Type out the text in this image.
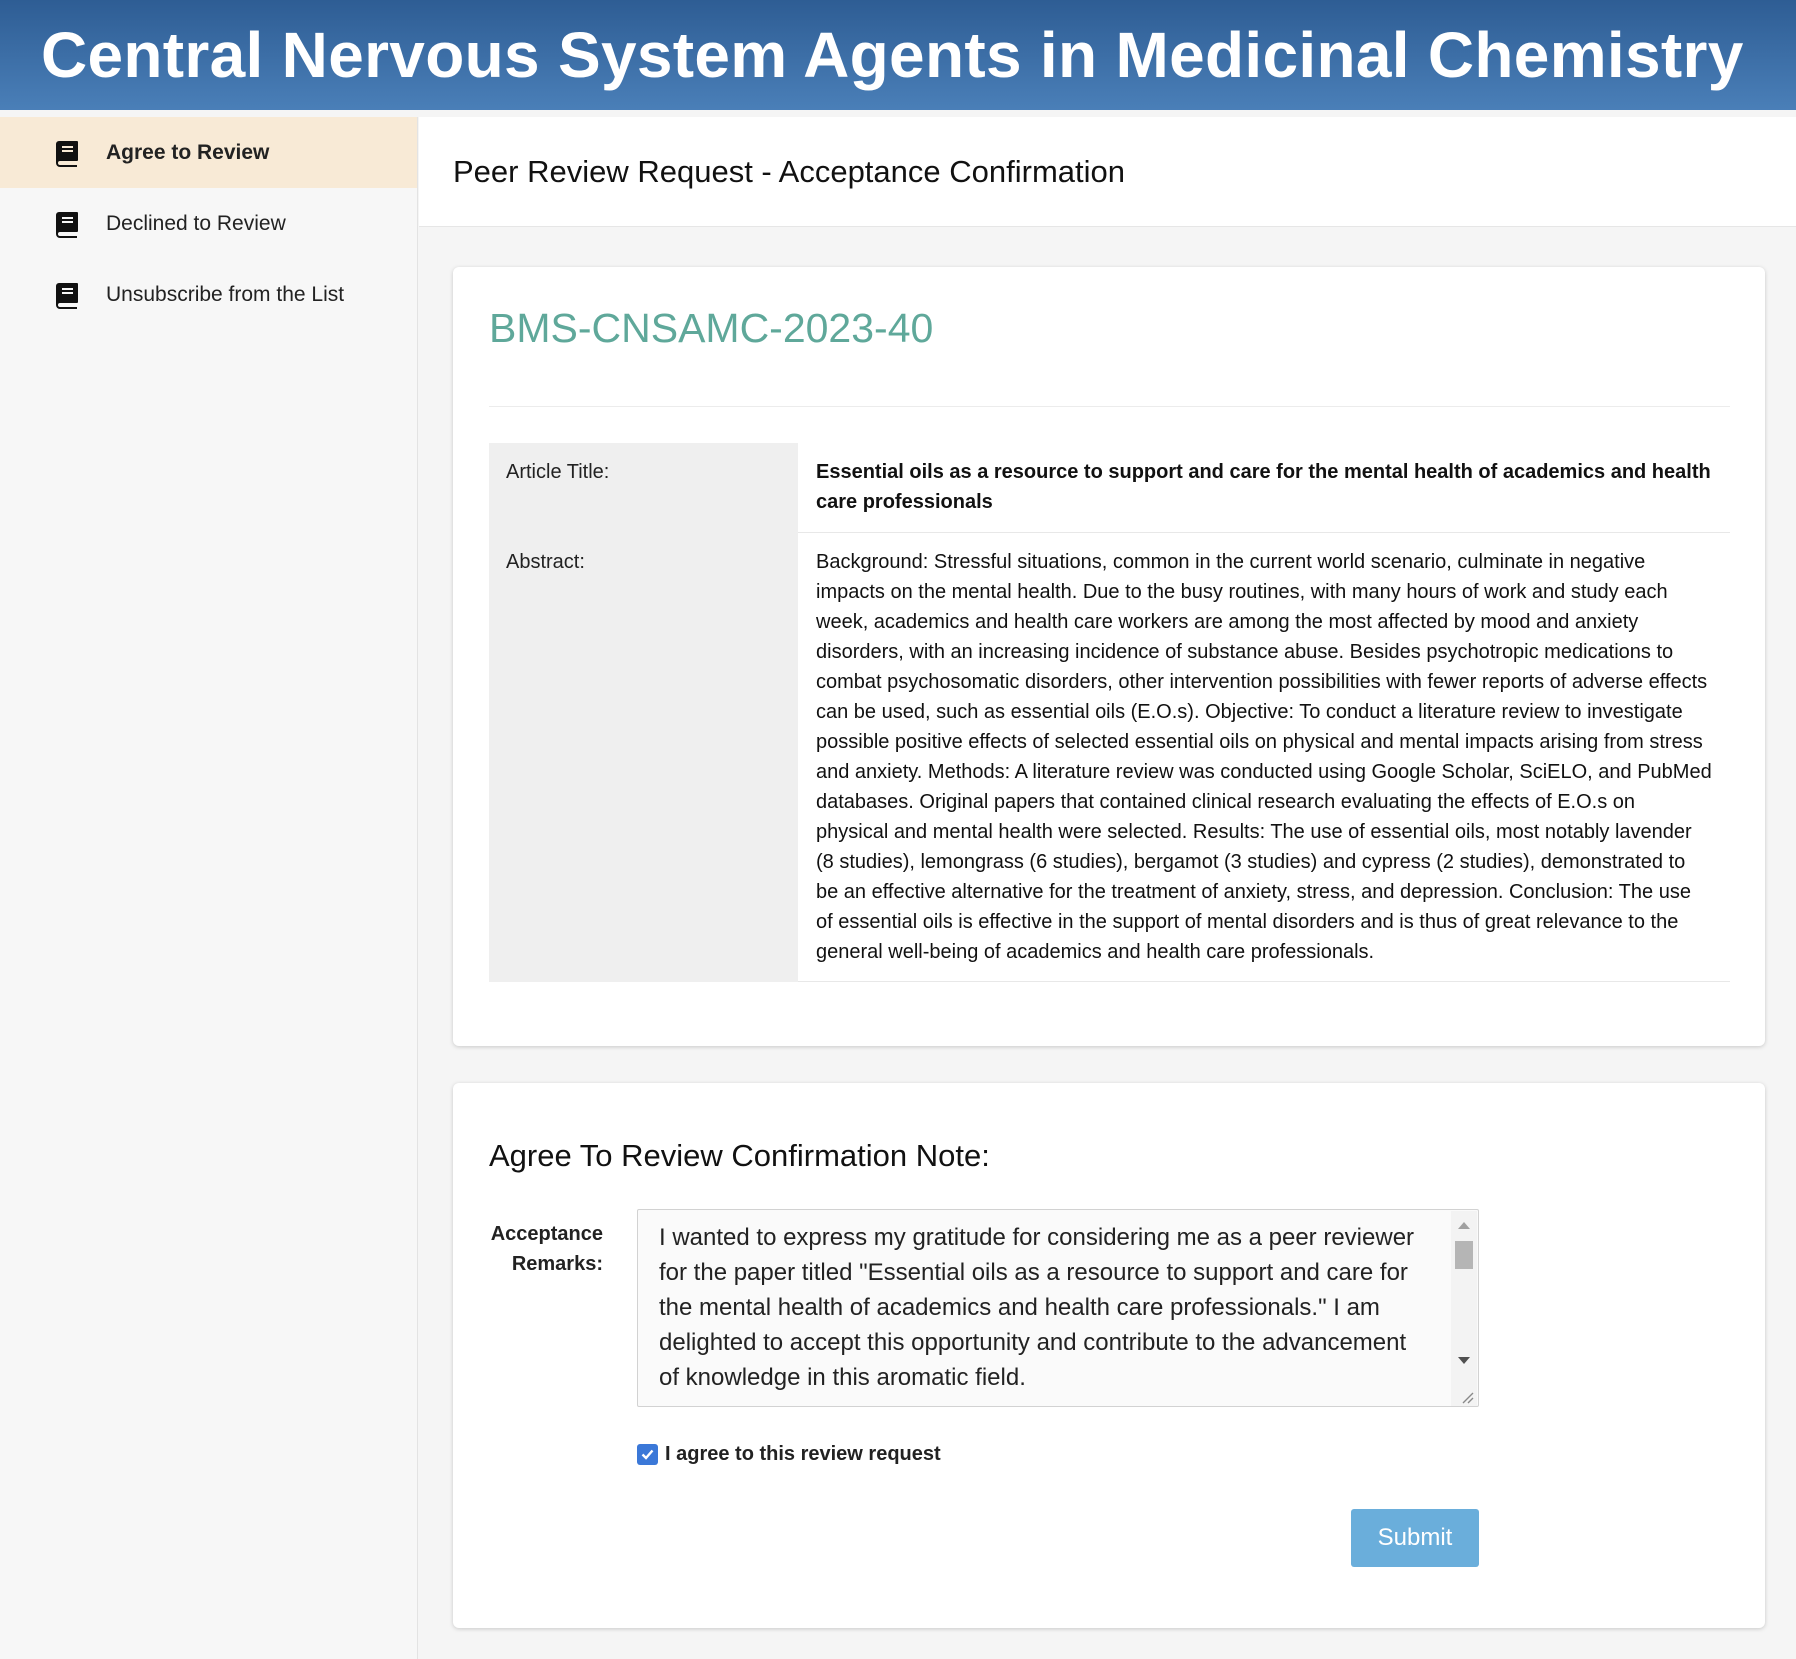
Central Nervous System Agents in Medicinal Chemistry
Agree to Review
Declined to Review
Unsubscribe from the List
Peer Review Request - Acceptance Confirmation
BMS-CNSAMC-2023-40
Article Title:	Essential oils as a resource to support and care for the mental health of academics and health care professionals
Abstract:	Background: Stressful situations, common in the current world scenario, culminate in negative impacts on the mental health. Due to the busy routines, with many hours of work and study each week, academics and health care workers are among the most affected by mood and anxiety disorders, with an increasing incidence of substance abuse. Besides psychotropic medications to combat psychosomatic disorders, other intervention possibilities with fewer reports of adverse effects can be used, such as essential oils (E.O.s). Objective: To conduct a literature review to investigate possible positive effects of selected essential oils on physical and mental impacts arising from stress and anxiety. Methods: A literature review was conducted using Google Scholar, SciELO, and PubMed databases. Original papers that contained clinical research evaluating the effects of E.O.s on physical and mental health were selected. Results: The use of essential oils, most notably lavender (8 studies), lemongrass (6 studies), bergamot (3 studies) and cypress (2 studies), demonstrated to be an effective alternative for the treatment of anxiety, stress, and depression. Conclusion: The use of essential oils is effective in the support of mental disorders and is thus of great relevance to the general well-being of academics and health care professionals.
Agree To Review Confirmation Note:
Acceptance
Remarks:
I wanted to express my gratitude for considering me as a peer reviewer for the paper titled "Essential oils as a resource to support and care for the mental health of academics and health care professionals." I am delighted to accept this opportunity and contribute to the advancement of knowledge in this aromatic field.
I agree to this review request
Submit
